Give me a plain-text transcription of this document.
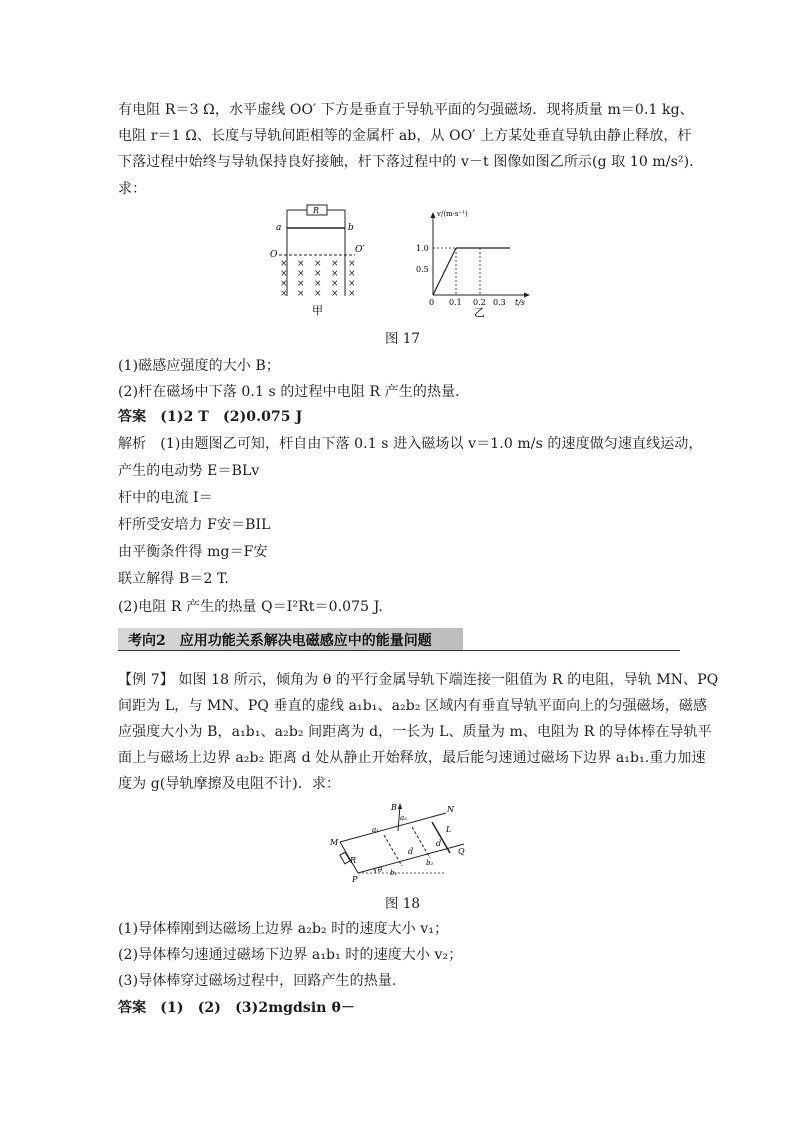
有电阻 R＝3 Ω，水平虚线 OO′ 下方是垂直于导轨平面的匀强磁场．现将质量 m＝0.1 kg、
电阻 r＝1 Ω、长度与导轨间距相等的金属杆 ab，从 OO′ 上方某处垂直导轨由静止释放，杆
下落过程中始终与导轨保持良好接触，杆下落过程中的 v－t 图像如图乙所示(g 取 10 m/s²)．
求：
× × × × ×
× × × × ×
× × × × ×
× × × × ×
R
a	b
O	O′
甲
v/(m·s⁻¹)
1.0
0.5
0 0.1 0.2 0.3 t/s
乙
图 17
(1)磁感应强度的大小 B；
(2)杆在磁场中下落 0.1 s 的过程中电阻 R 产生的热量．
答案　(1)2 T　(2)0.075 J
解析　(1)由题图乙可知，杆自由下落 0.1 s 进入磁场以 v＝1.0 m/s 的速度做匀速直线运动，
产生的电动势 E＝BLv
杆中的电流 I＝
杆所受安培力 F安＝BIL
由平衡条件得 mg＝F安
联立解得 B＝2 T.
(2)电阻 R 产生的热量 Q＝I²Rt＝0.075 J.
考向2　应用功能关系解决电磁感应中的能量问题
【例 7】 如图 18 所示，倾角为 θ 的平行金属导轨下端连接一阻值为 R 的电阻，导轨 MN、PQ
间距为 L，与 MN、PQ 垂直的虚线 a₁b₁、a₂b₂ 区域内有垂直导轨平面向上的匀强磁场，磁感
应强度大小为 B，a₁b₁、a₂b₂ 间距离为 d，一长为 L、质量为 m、电阻为 R 的导体棒在导轨平
面上与磁场上边界 a₂b₂ 距离 d 处从静止开始释放，最后能匀速通过磁场下边界 a₁b₁.重力加速
度为 g(导轨摩擦及电阻不计)．求：
B	N
a₁
a₂
L
M
R
d
d
b₂
Q
P
θ b₁
图 18
(1)导体棒刚到达磁场上边界 a₂b₂ 时的速度大小 v₁；
(2)导体棒匀速通过磁场下边界 a₁b₁ 时的速度大小 v₂；
(3)导体棒穿过磁场过程中，回路产生的热量.
答案　(1)　(2)　(3)2mgdsin θ－
